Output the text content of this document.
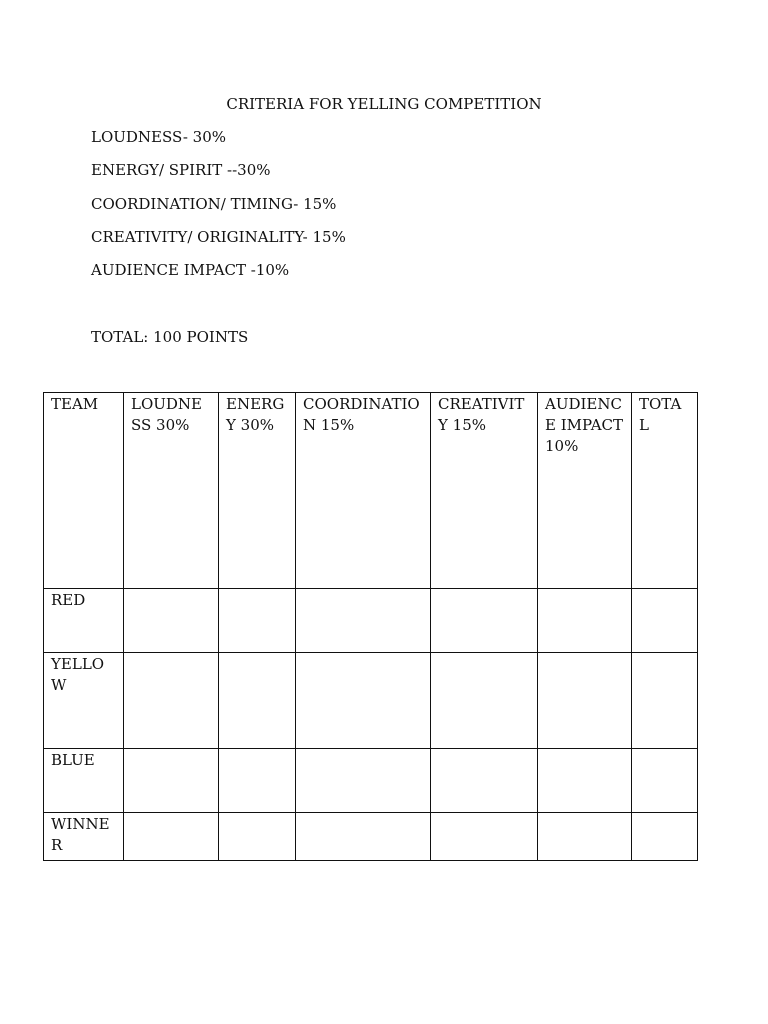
CRITERIA FOR YELLING COMPETITION
LOUDNESS- 30%
ENERGY/ SPIRIT --30%
COORDINATION/ TIMING- 15%
CREATIVITY/ ORIGINALITY- 15%
AUDIENCE IMPACT -10%
TOTAL: 100 POINTS
TEAM	LOUDNESS 30%	ENERGY 30%	COORDINATION 15%	CREATIVITY 15%	AUDIENCE IMPACT 10%	TOTAL
RED						
YELLOW						
BLUE						
WINNER						
